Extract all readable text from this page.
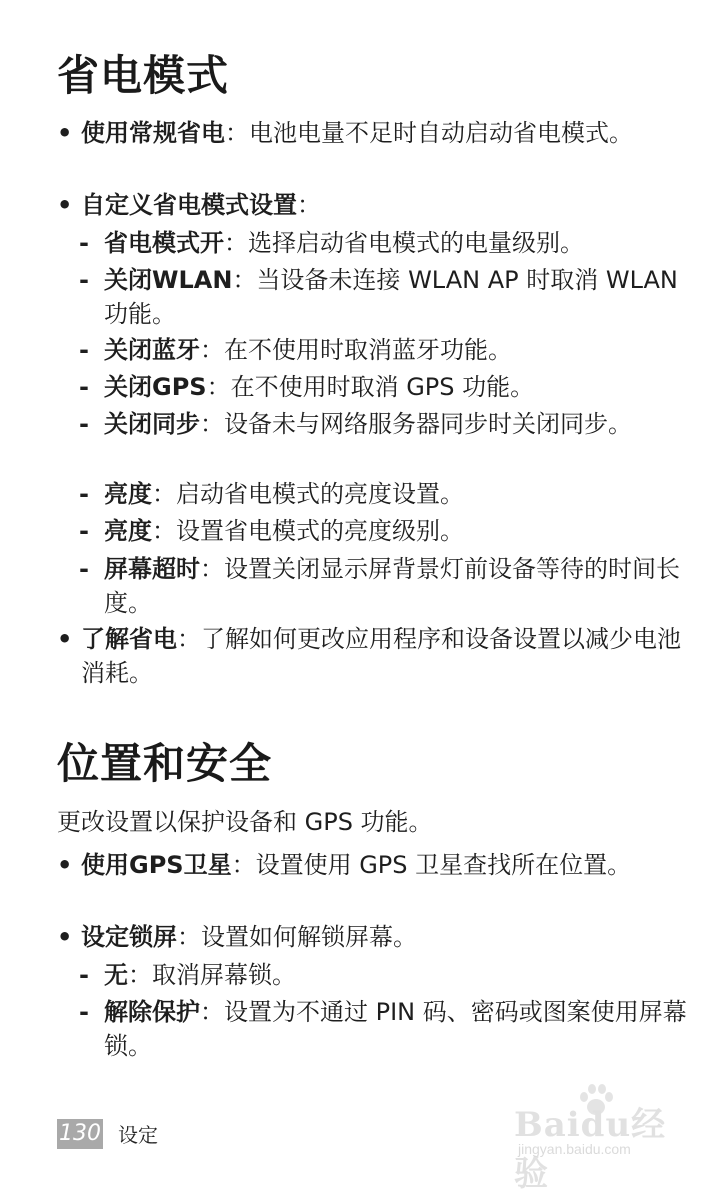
省电模式
• 使用常规省电：电池电量不足时自动启动省电模式。
• 自定义省电模式设置：
- 省电模式开：选择启动省电模式的电量级别。
- 关闭WLAN：当设备未连接 WLAN AP 时取消 WLAN 功能。
- 关闭蓝牙：在不使用时取消蓝牙功能。
- 关闭GPS：在不使用时取消 GPS 功能。
- 关闭同步：设备未与网络服务器同步时关闭同步。
- 亮度：启动省电模式的亮度设置。
- 亮度：设置省电模式的亮度级别。
- 屏幕超时：设置关闭显示屏背景灯前设备等待的时间长度。
• 了解省电：了解如何更改应用程序和设备设置以减少电池消耗。
位置和安全

更改设置以保护设备和 GPS 功能。

• 使用GPS卫星：设置使用 GPS 卫星查找所在位置。
• 设定锁屏：设置如何解锁屏幕。
- 无：取消屏幕锁。
- 解除保护：设置为不通过 PIN 码、密码或图案使用屏幕锁。
130 设定	Baidu经验
jingyan.baidu.com
